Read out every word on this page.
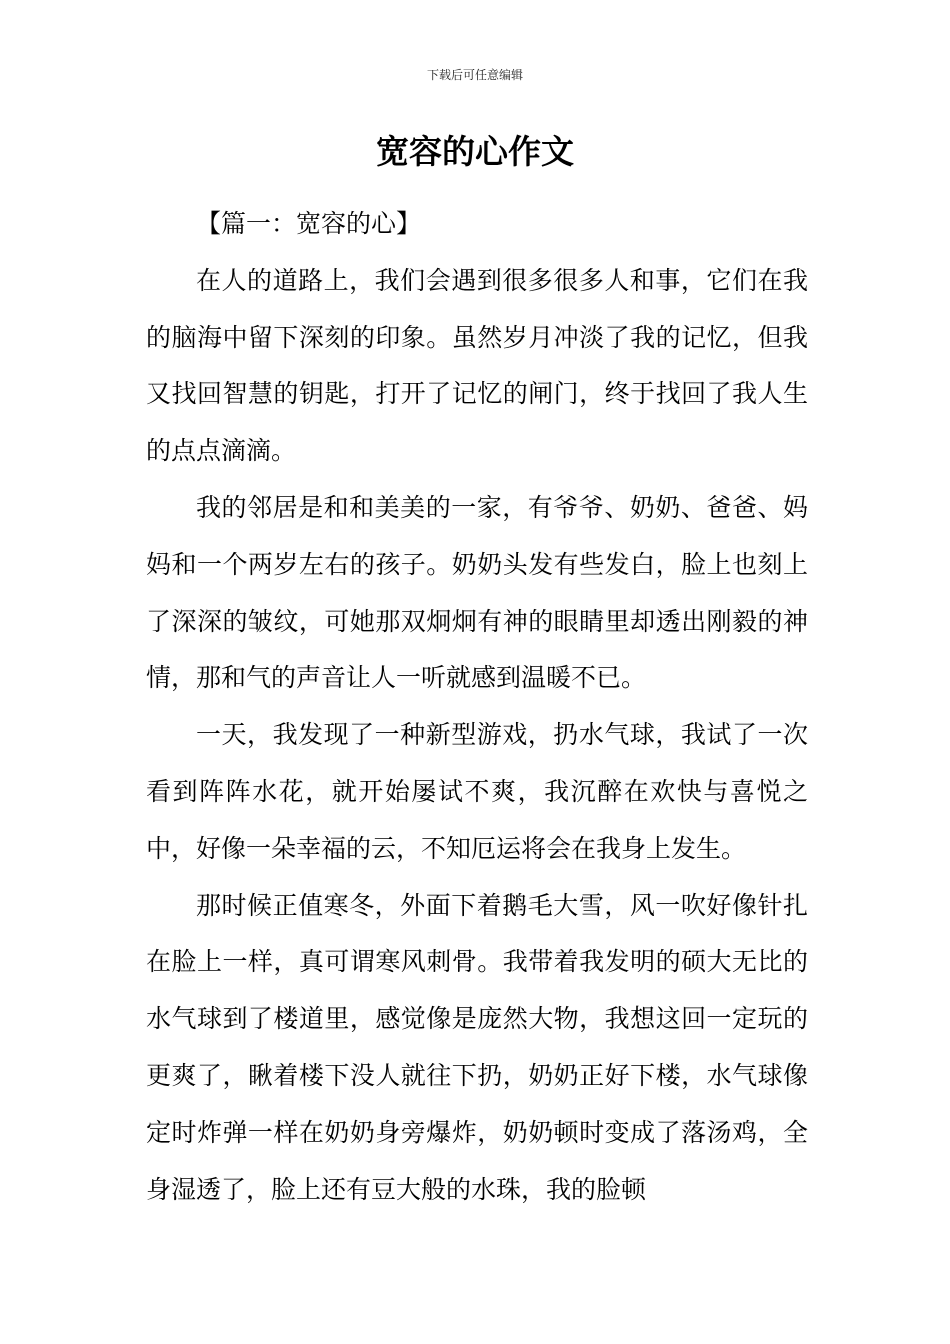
下载后可任意编辑
宽容的心作文

【篇一：宽容的心】

在人的道路上，我们会遇到很多很多人和事，它们在我的脑海中留下深刻的印象。虽然岁月冲淡了我的记忆，但我又找回智慧的钥匙，打开了记忆的闸门，终于找回了我人生的点点滴滴。

我的邻居是和和美美的一家，有爷爷、奶奶、爸爸、妈妈和一个两岁左右的孩子。奶奶头发有些发白，脸上也刻上了深深的皱纹，可她那双炯炯有神的眼睛里却透出刚毅的神情，那和气的声音让人一听就感到温暖不已。

一天，我发现了一种新型游戏，扔水气球，我试了一次看到阵阵水花，就开始屡试不爽，我沉醉在欢快与喜悦之中，好像一朵幸福的云，不知厄运将会在我身上发生。

那时候正值寒冬，外面下着鹅毛大雪，风一吹好像针扎在脸上一样，真可谓寒风刺骨。我带着我发明的硕大无比的水气球到了楼道里，感觉像是庞然大物，我想这回一定玩的更爽了，瞅着楼下没人就往下扔，奶奶正好下楼，水气球像定时炸弹一样在奶奶身旁爆炸，奶奶顿时变成了落汤鸡，全身湿透了，脸上还有豆大般的水珠，我的脸顿
